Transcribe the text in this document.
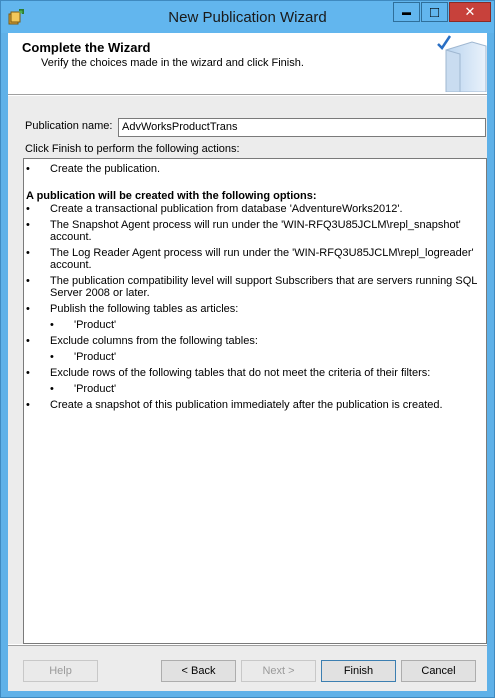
New Publication Wizard	▬ □ ✕
Complete the Wizard
Verify the choices made in the wizard and click Finish.
Publication name: AdvWorksProductTrans
Click Finish to perform the following actions:
• Create the publication.
A publication will be created with the following options:
• Create a transactional publication from database 'AdventureWorks2012'.
• The Snapshot Agent process will run under the 'WIN-RFQ3U85JCLM\repl_snapshot'
account.
• The Log Reader Agent process will run under the 'WIN-RFQ3U85JCLM\repl_logreader'
account.
• The publication compatibility level will support Subscribers that are servers running SQL
Server 2008 or later.
• Publish the following tables as articles:
• 'Product'
• Exclude columns from the following tables:
• 'Product'
• Exclude rows of the following tables that do not meet the criteria of their filters:
• 'Product'
• Create a snapshot of this publication immediately after the publication is created.
Help	< Back	Next >	Finish	Cancel
